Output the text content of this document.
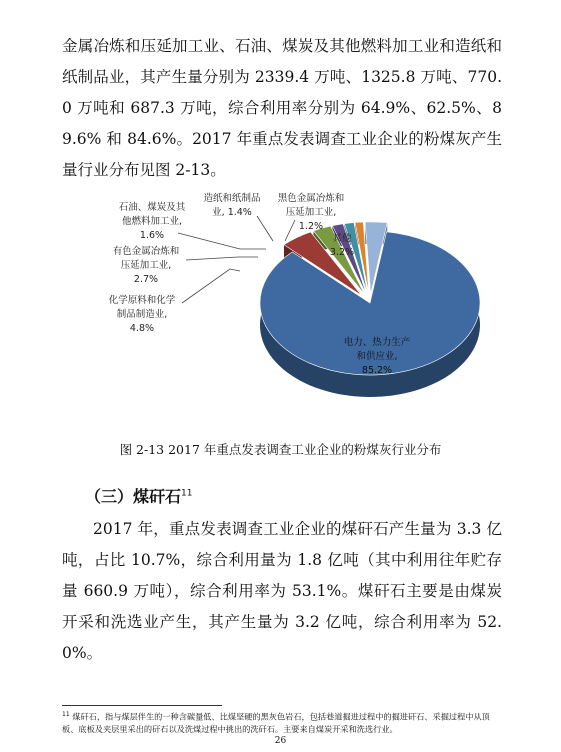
金属冶炼和压延加工业、石油、煤炭及其他燃料加工业和造纸和纸制品业，其产生量分别为 2339.4 万吨、1325.8 万吨、770.0 万吨和 687.3 万吨，综合利用率分别为 64.9%、62.5%、89.6% 和 84.6%。2017 年重点发表调查工业企业的粉煤灰产生量行业分布见图 2-13。
石油、煤炭及其
他燃料加工业,
1.6%
造纸和纸制品
业, 1.4%
黑色金属冶炼和
压延加工业,
1.2%
其他
3.2%
有色金属冶炼和
压延加工业,
2.7%
化学原料和化学
制品制造业,
4.8%
电力、热力生产
和供应业,
85.2%
图 2-13 2017 年重点发表调查工业企业的粉煤灰行业分布
（三）煤矸石$^{11}$
2017 年，重点发表调查工业企业的煤矸石产生量为 3.3 亿吨，占比 10.7%，综合利用量为 1.8 亿吨（其中利用往年贮存量 660.9 万吨），综合利用率为 53.1%。煤矸石主要是由煤炭开采和洗选业产生，其产生量为 3.2 亿吨，综合利用率为 52.0%。
$^{11}$ 煤矸石，指与煤层伴生的一种含碳量低、比煤坚硬的黑灰色岩石，包括巷道掘进过程中的掘进矸石、采掘过程中从顶板、底板及夹层里采出的矸石以及洗煤过程中挑出的洗矸石。主要来自煤炭开采和洗选行业。
26
